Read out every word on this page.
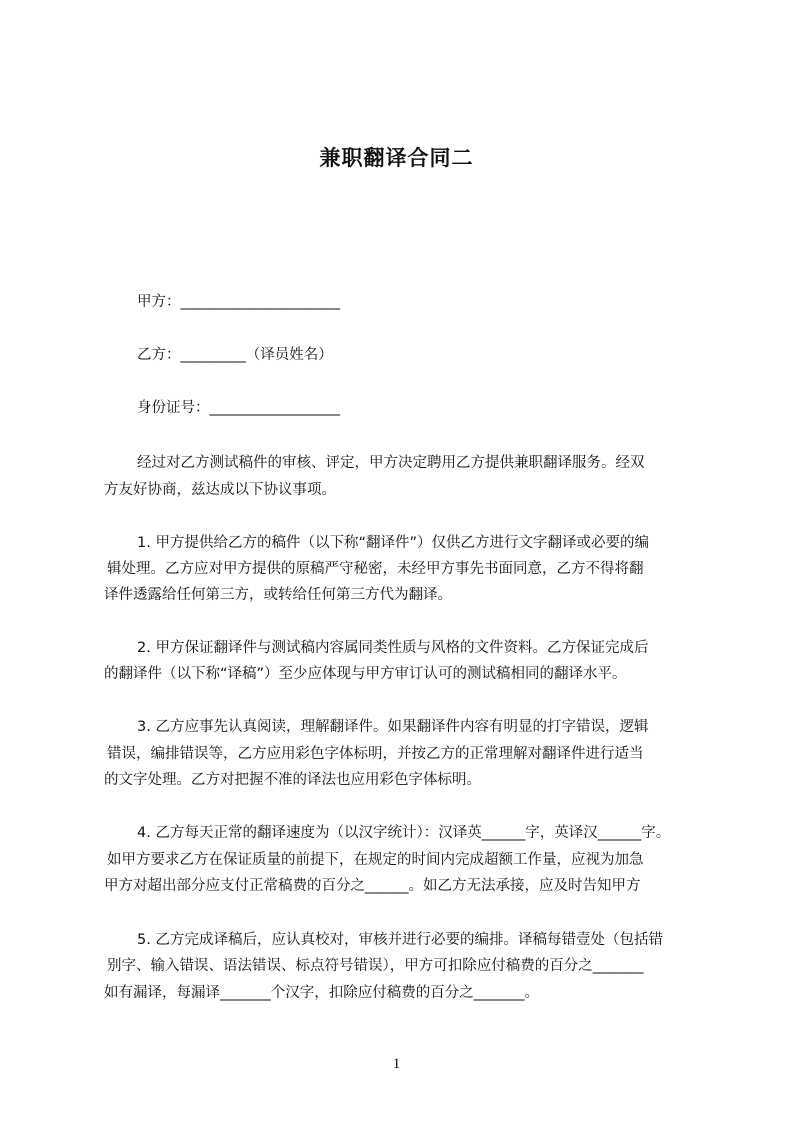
兼职翻译合同二
甲方：______________________
乙方：_________（译员姓名）
身份证号：__________________
经过对乙方测试稿件的审核、评定，甲方决定聘用乙方提供兼职翻译服务。经双
方友好协商，兹达成以下协议事项。
1. 甲方提供给乙方的稿件（以下称“翻译件”）仅供乙方进行文字翻译或必要的编
辑处理。乙方应对甲方提供的原稿严守秘密，未经甲方事先书面同意，乙方不得将翻
译件透露给任何第三方，或转给任何第三方代为翻译。
2. 甲方保证翻译件与测试稿内容属同类性质与风格的文件资料。乙方保证完成后
的翻译件（以下称“译稿”）至少应体现与甲方审订认可的测试稿相同的翻译水平。
3. 乙方应事先认真阅读，理解翻译件。如果翻译件内容有明显的打字错误，逻辑
错误，编排错误等，乙方应用彩色字体标明，并按乙方的正常理解对翻译件进行适当
的文字处理。乙方对把握不准的译法也应用彩色字体标明。
4. 乙方每天正常的翻译速度为（以汉字统计）：汉译英______字，英译汉______字。
如甲方要求乙方在保证质量的前提下，在规定的时间内完成超额工作量，应视为加急
甲方对超出部分应支付正常稿费的百分之______。如乙方无法承接，应及时告知甲方
5. 乙方完成译稿后，应认真校对，审核并进行必要的编排。译稿每错壹处（包括错
别字、输入错误、语法错误、标点符号错误），甲方可扣除应付稿费的百分之_______
如有漏译，每漏译_______个汉字，扣除应付稿费的百分之_______。
1
